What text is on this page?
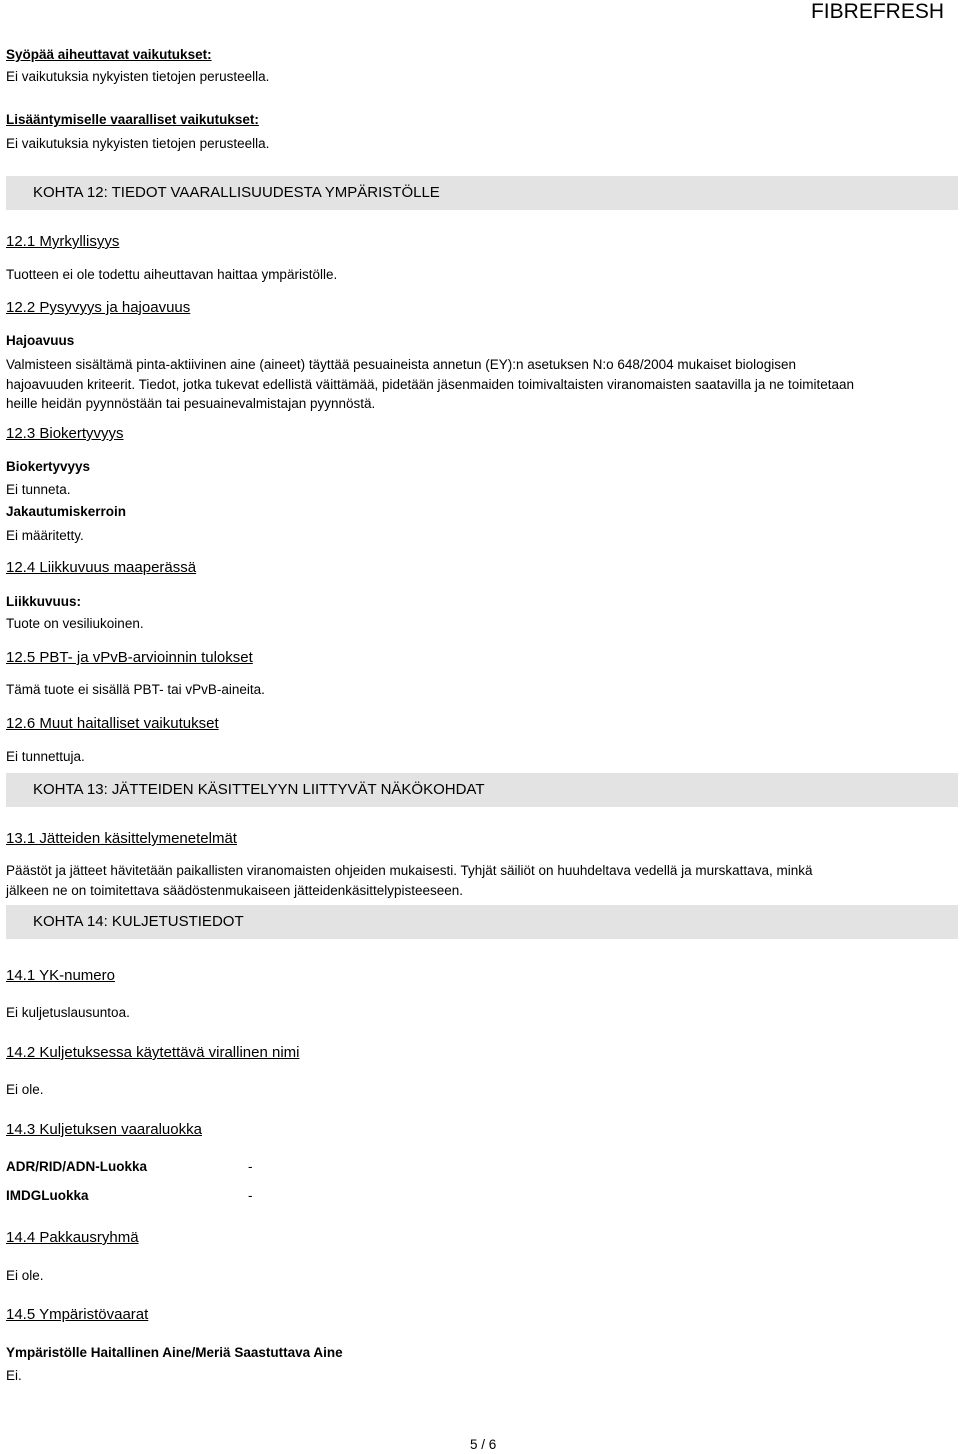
FIBREFRESH
Syöpää aiheuttavat vaikutukset:
Ei vaikutuksia nykyisten tietojen perusteella.
Lisääntymiselle vaaralliset vaikutukset:
Ei vaikutuksia nykyisten tietojen perusteella.
KOHTA 12: TIEDOT VAARALLISUUDESTA YMPÄRISTÖLLE
12.1 Myrkyllisyys
Tuotteen ei ole todettu aiheuttavan haittaa ympäristölle.
12.2 Pysyvyys ja hajoavuus
Hajoavuus
Valmisteen sisältämä pinta-aktiivinen aine (aineet) täyttää pesuaineista annetun (EY):n asetuksen N:o 648/2004 mukaiset biologisen hajoavuuden kriteerit. Tiedot, jotka tukevat edellistä väittämää, pidetään jäsenmaiden toimivaltaisten viranomaisten saatavilla ja ne toimitetaan heille heidän pyynnöstään tai pesuainevalmistajan pyynnöstä.
12.3 Biokertyvyys
Biokertyvyys
Ei tunneta.
Jakautumiskerroin
Ei määritetty.
12.4 Liikkuvuus maaperässä
Liikkuvuus:
Tuote on vesiliukoinen.
12.5 PBT- ja vPvB-arvioinnin tulokset
Tämä tuote ei sisällä PBT- tai vPvB-aineita.
12.6 Muut haitalliset vaikutukset
Ei tunnettuja.
KOHTA 13: JÄTTEIDEN KÄSITTELYYN LIITTYVÄT NÄKÖKOHDAT
13.1 Jätteiden käsittelymenetelmät
Päästöt ja jätteet hävitetään paikallisten viranomaisten ohjeiden mukaisesti. Tyhjät säiliöt on huuhdeltava vedellä ja murskattava, minkä jälkeen ne on toimitettava säädöstenmukaiseen jätteidenkäsittelypisteeseen.
KOHTA 14: KULJETUSTIEDOT
14.1 YK-numero
Ei kuljetuslausuntoa.
14.2 Kuljetuksessa käytettävä virallinen nimi
Ei ole.
14.3 Kuljetuksen vaaraluokka
ADR/RID/ADN-Luokka	-
IMDGLuokka	-
14.4 Pakkausryhmä
Ei ole.
14.5 Ympäristövaarat
Ympäristölle Haitallinen Aine/Meriä Saastuttava Aine
Ei.
5 / 6
